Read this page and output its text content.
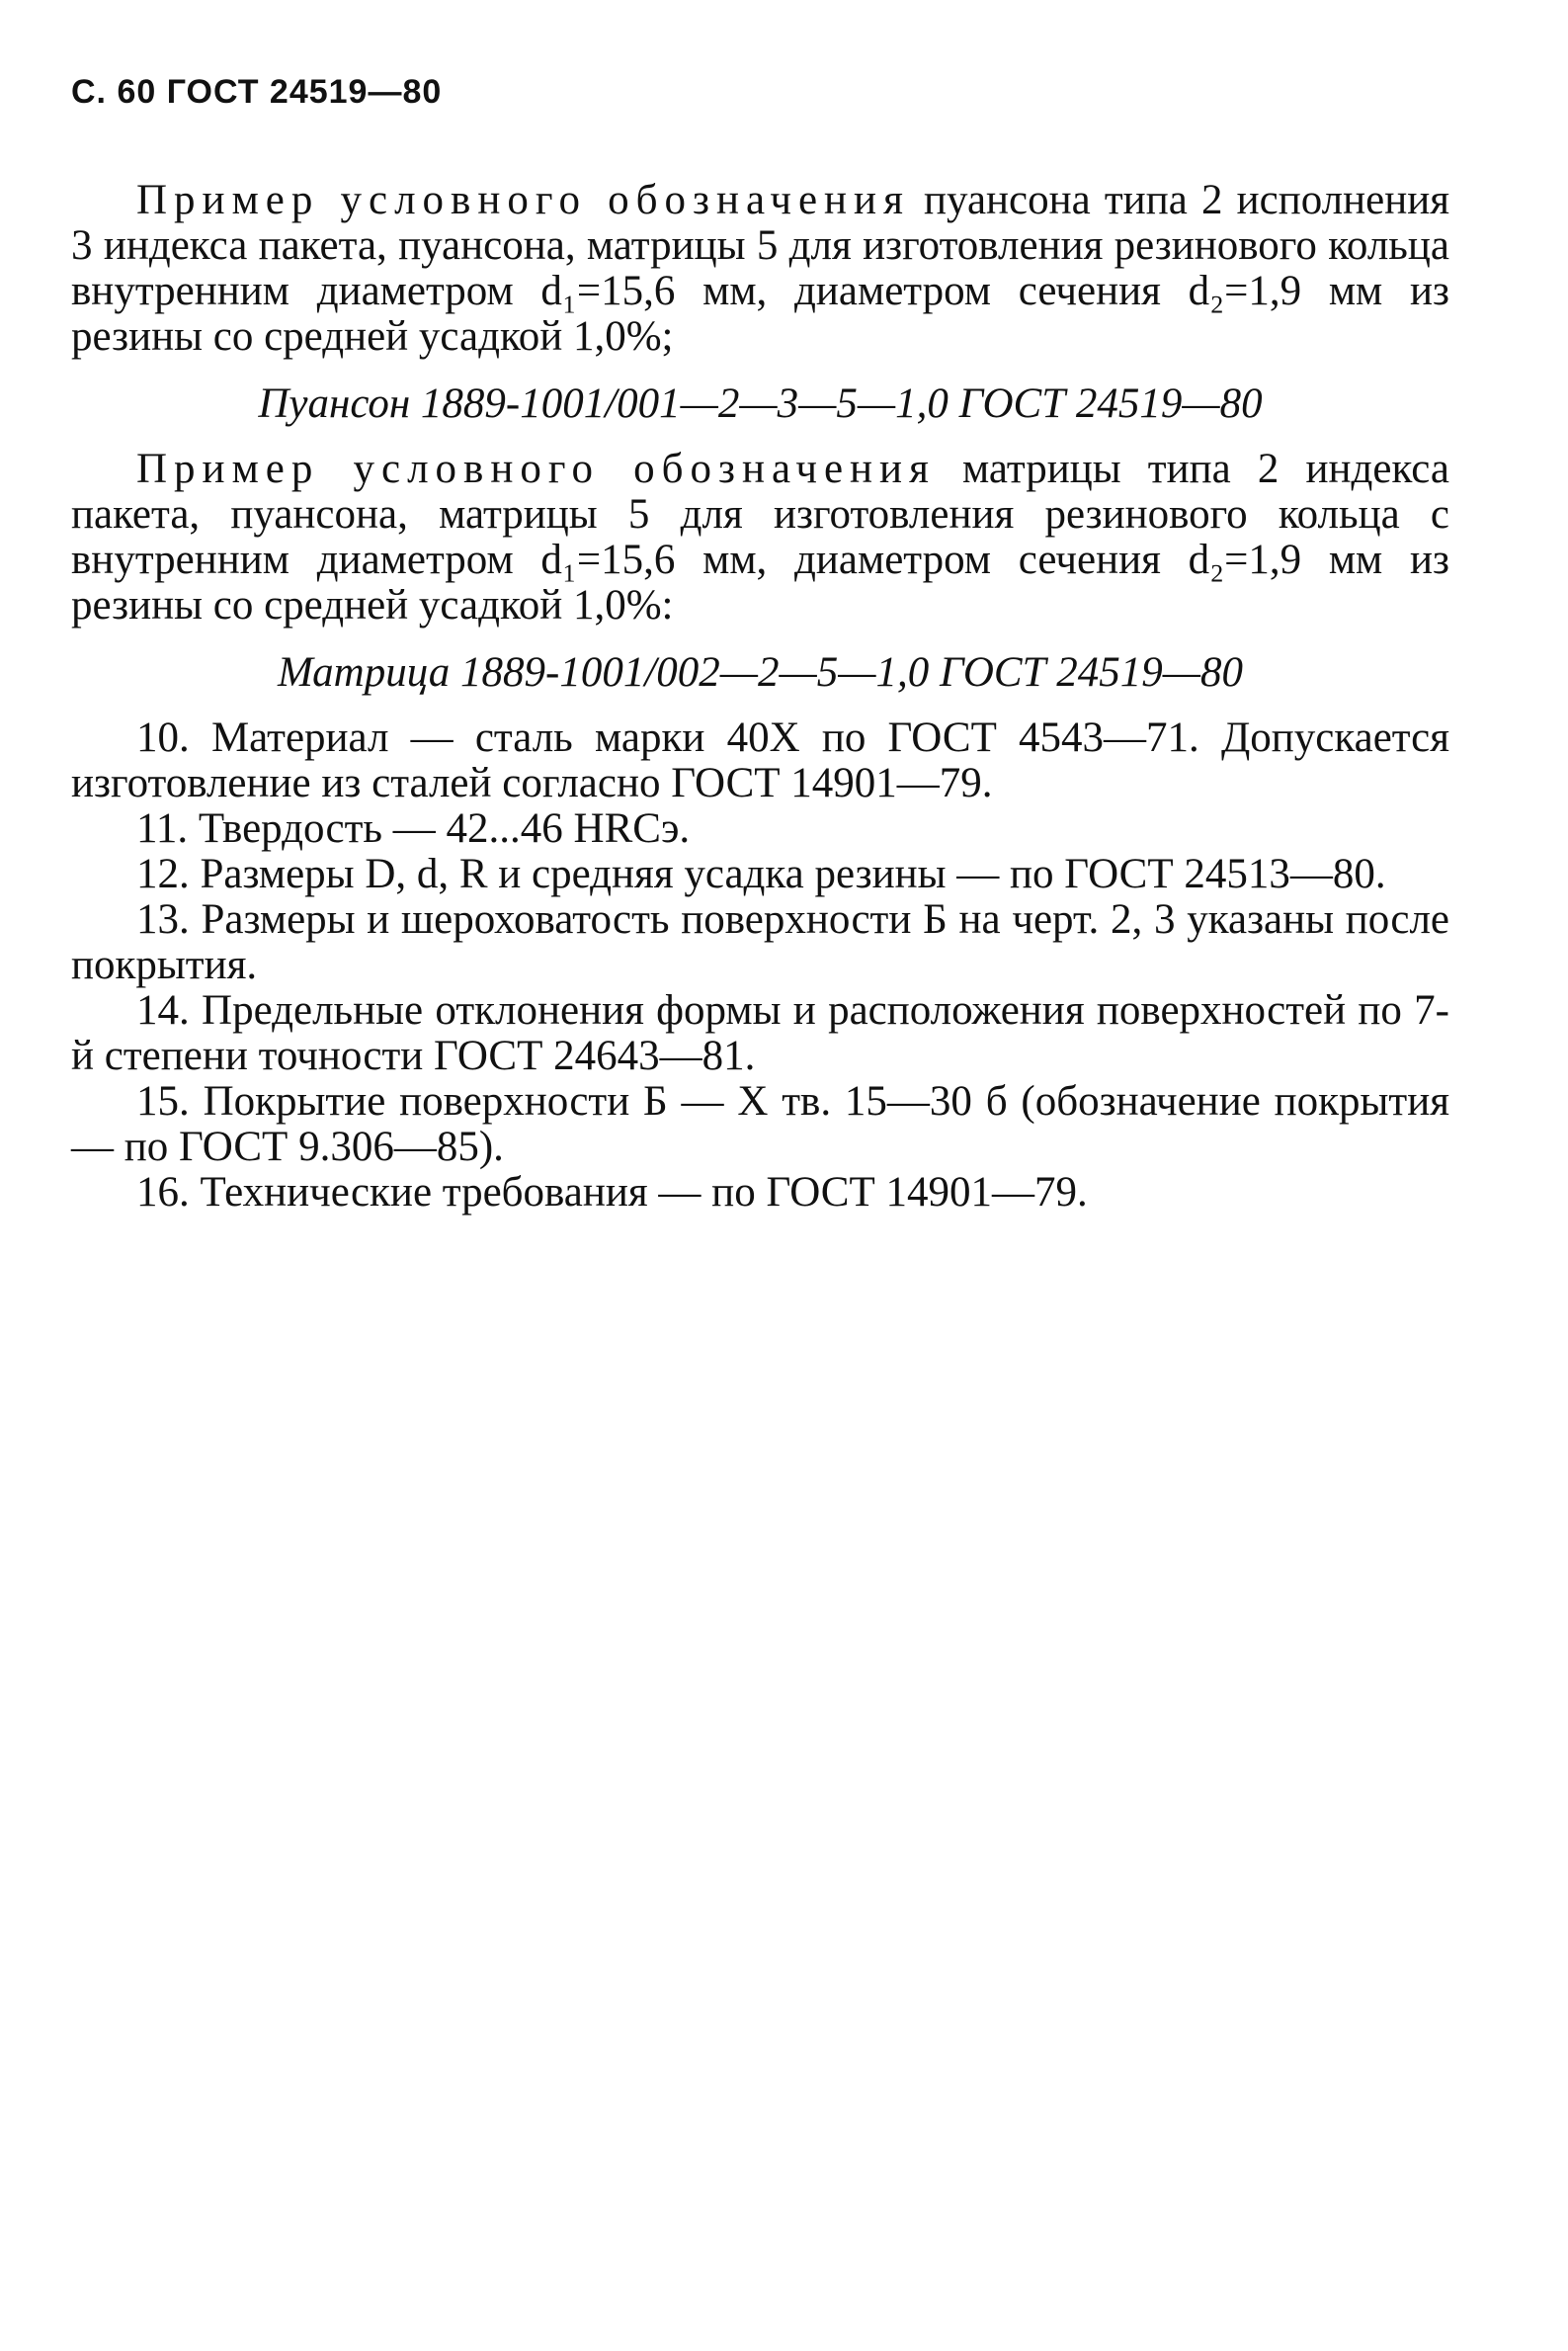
С. 60 ГОСТ 24519—80

Пример условного обозначения пуансона типа 2 исполнения 3 индекса пакета, пуансона, матрицы 5 для изготовления резинового кольца внутренним диаметром d₁=15,6 мм, диаметром сечения d₂=1,9 мм из резины со средней усадкой 1,0%;

Пуансон 1889-1001/001—2—3—5—1,0 ГОСТ 24519—80

Пример условного обозначения матрицы типа 2 индекса пакета, пуансона, матрицы 5 для изготовления резинового кольца с внутренним диаметром d₁=15,6 мм, диаметром сечения d₂=1,9 мм из резины со средней усадкой 1,0%:

Матрица 1889-1001/002—2—5—1,0 ГОСТ 24519—80

10. Материал — сталь марки 40Х по ГОСТ 4543—71. Допускается изготовление из сталей согласно ГОСТ 14901—79.

11. Твердость — 42...46 HRCэ.

12. Размеры D, d, R и средняя усадка резины — по ГОСТ 24513—80.

13. Размеры и шероховатость поверхности Б на черт. 2, 3 указаны после покрытия.

14. Предельные отклонения формы и расположения поверхностей по 7-й степени точности ГОСТ 24643—81.

15. Покрытие поверхности Б — Х тв. 15—30 б (обозначение покрытия — по ГОСТ 9.306—85).

16. Технические требования — по ГОСТ 14901—79.
